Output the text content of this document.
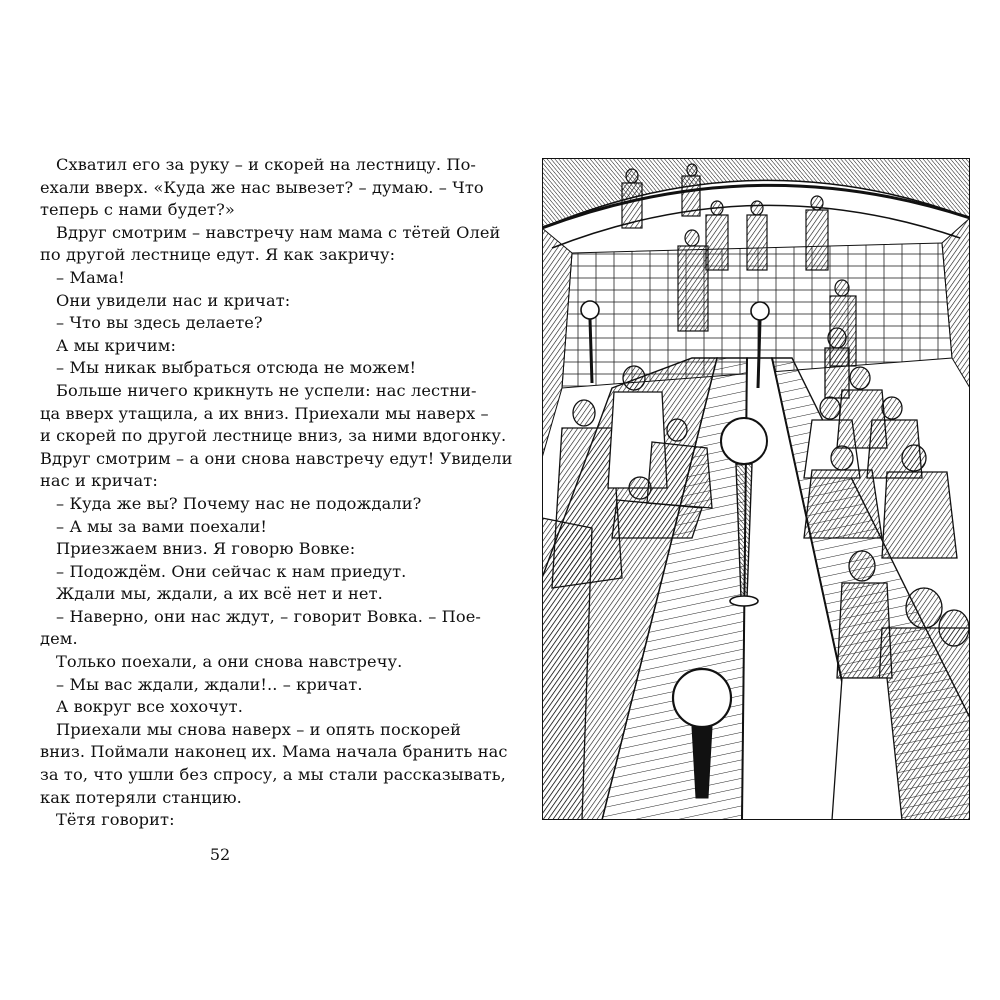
Схватил его за руку – и скорей на лестницу. По-

ехали вверх. «Куда же нас вывезет? – думаю. – Что

теперь с нами будет?»

Вдруг смотрим – навстречу нам мама с тётей Олей

по другой лестнице едут. Я как закричу:

– Мама!

Они увидели нас и кричат:

– Что вы здесь делаете?

А мы кричим:

– Мы никак выбраться отсюда не можем!

Больше ничего крикнуть не успели: нас лестни-

ца вверх утащила, а их вниз. Приехали мы наверх –

и скорей по другой лестнице вниз, за ними вдогонку.

Вдруг смотрим – а они снова навстречу едут! Увидели

нас и кричат:

– Куда же вы? Почему нас не подождали?

– А мы за вами поехали!

Приезжаем вниз. Я говорю Вовке:

– Подождём. Они сейчас к нам приедут.

Ждали мы, ждали, а их всё нет и нет.

– Наверно, они нас ждут, – говорит Вовка. – Пое-

дем.

Только поехали, а они снова навстречу.

– Мы вас ждали, ждали!.. – кричат.

А вокруг все хохочут.

Приехали мы снова наверх – и опять поскорей

вниз. Поймали наконец их. Мама начала бранить нас

за то, что ушли без спросу, а мы стали рассказывать,

как потеряли станцию.

Тётя говорит:

52
